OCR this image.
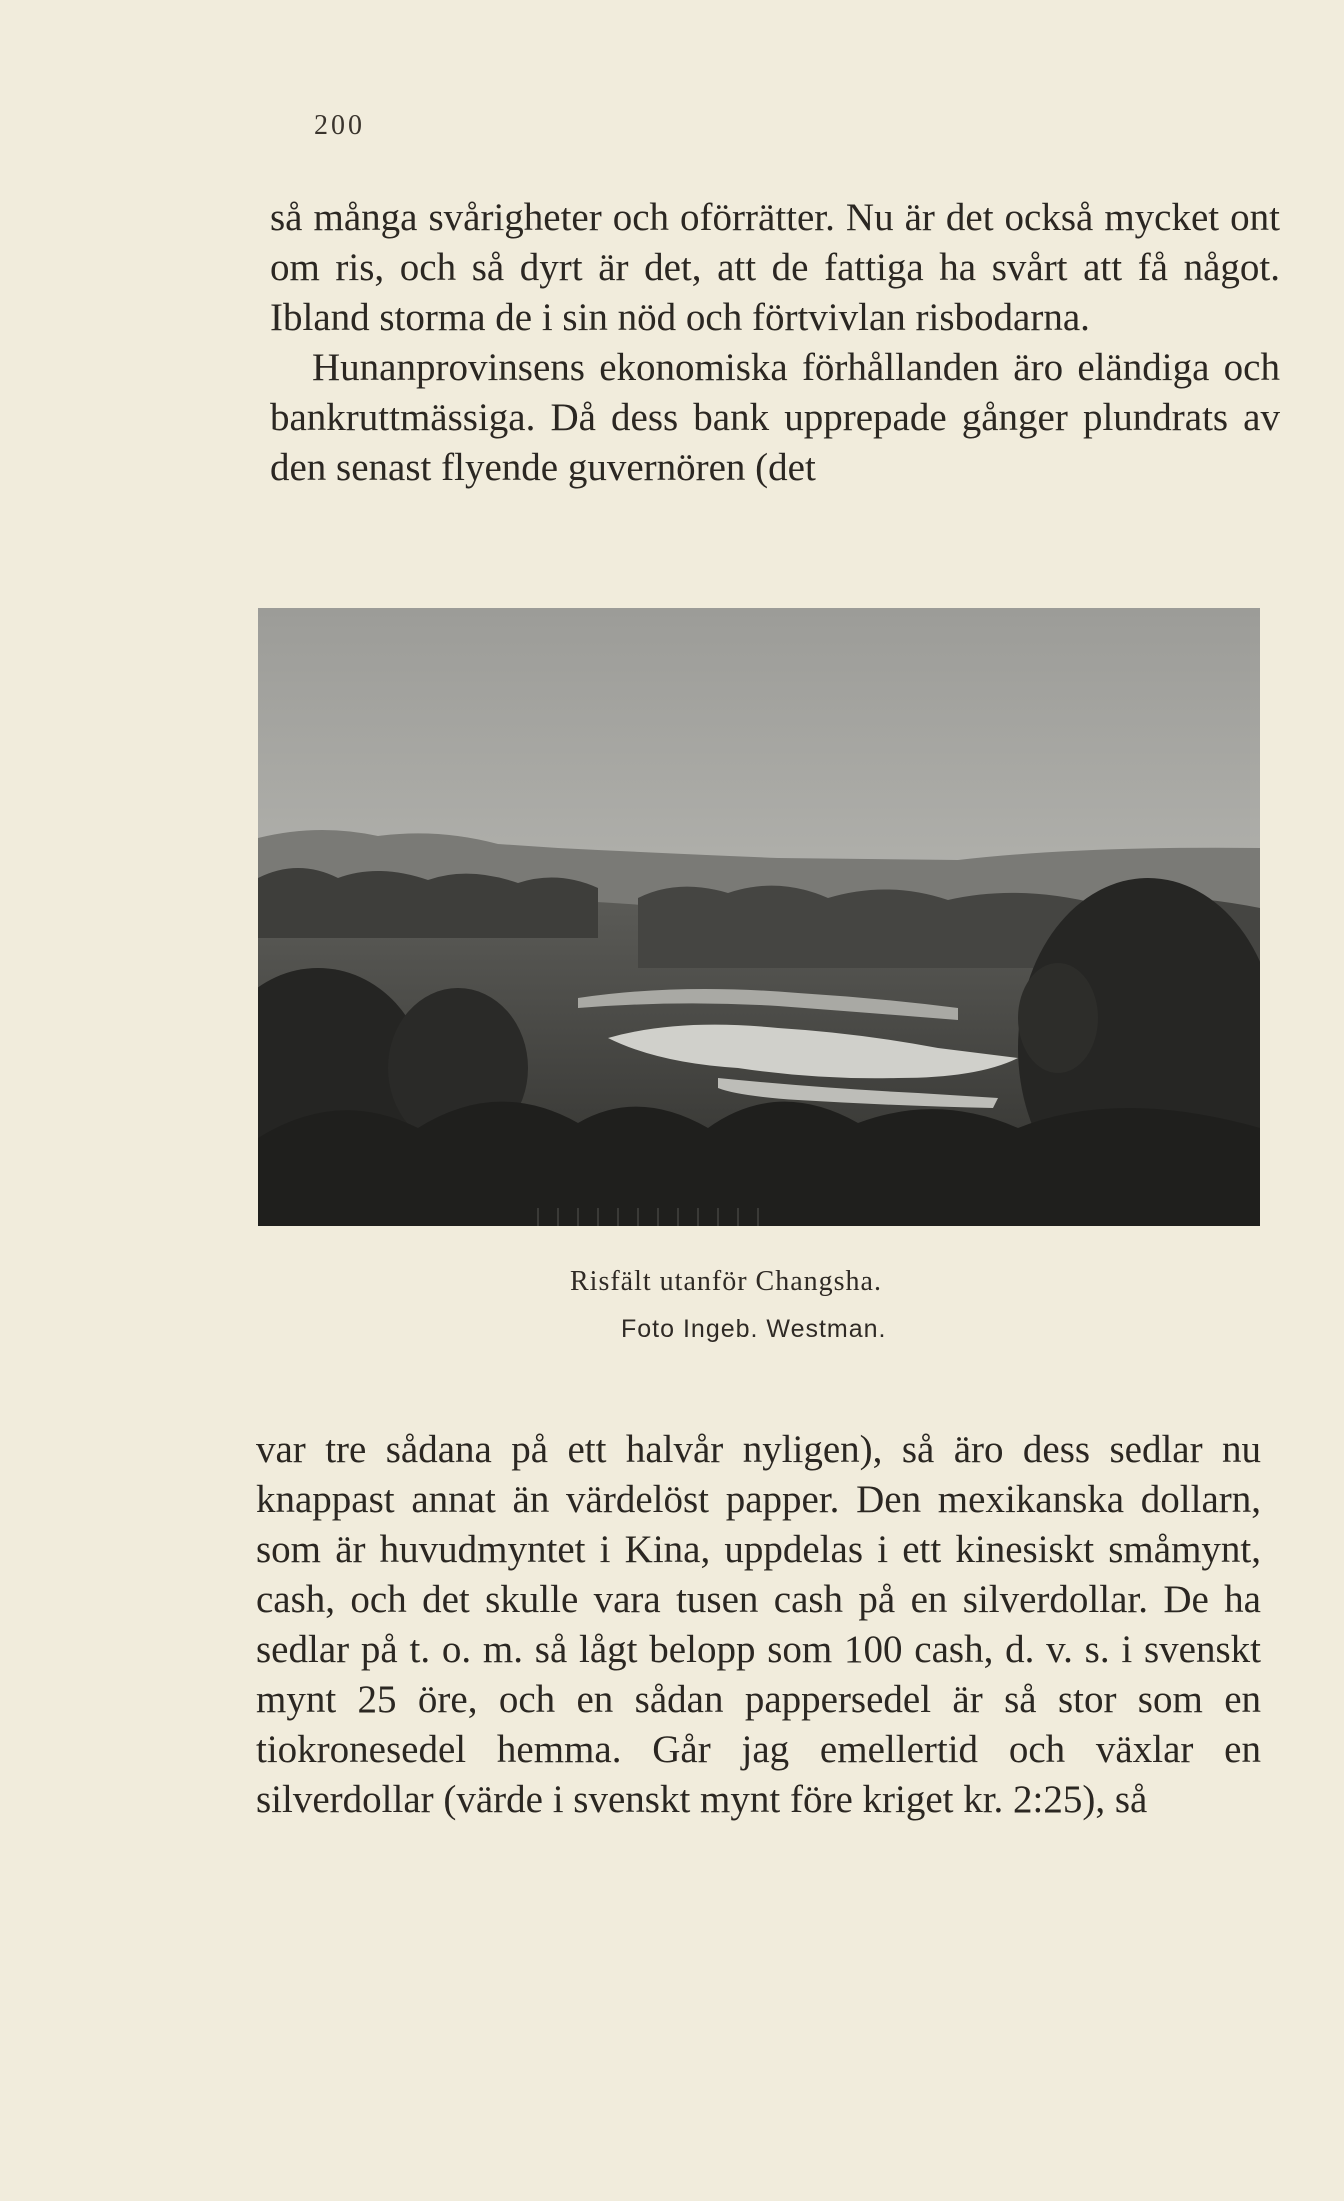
200

så många svårigheter och oförrätter. Nu är det också mycket ont om ris, och så dyrt är det, att de fattiga ha svårt att få något. Ibland storma de i sin nöd och förtvivlan risbodarna.

Hunanprovinsens ekonomiska förhållanden äro eländiga och bankruttmässiga. Då dess bank upprepade gånger plundrats av den senast flyende guvernören (det

Risfält utanför Changsha.
Foto Ingeb. Westman.

var tre sådana på ett halvår nyligen), så äro dess sedlar nu knappast annat än värdelöst papper. Den mexikanska dollarn, som är huvudmyntet i Kina, uppdelas i ett kinesiskt småmynt, cash, och det skulle vara tusen cash på en silverdollar. De ha sedlar på t. o. m. så lågt belopp som 100 cash, d. v. s. i svenskt mynt 25 öre, och en sådan pappersedel är så stor som en tiokronesedel hemma. Går jag emellertid och växlar en silverdollar (värde i svenskt mynt före kriget kr. 2:25), så
